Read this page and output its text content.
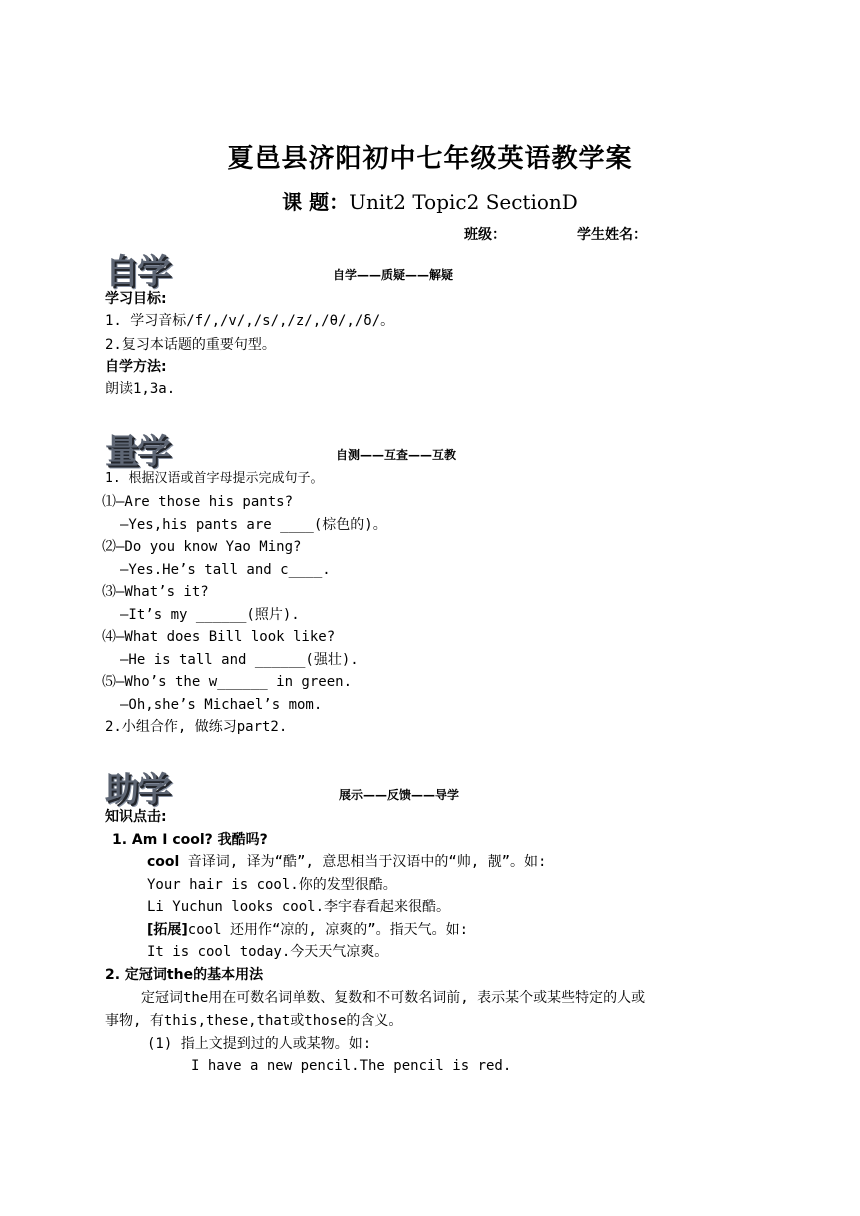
夏邑县济阳初中七年级英语教学案
课 题：Unit2 Topic2 SectionD
班级：	学生姓名：
自学	自学——质疑——解疑
学习目标:
1. 学习音标/f/,/v/,/s/,/z/,/θ/,/δ/。
2.复习本话题的重要句型。
自学方法:
朗读1,3a.
量学	自测——互查——互教
1. 根据汉语或首字母提示完成句子。
⑴—Are those his pants?
—Yes,his pants are ____(棕色的)。
⑵—Do you know Yao Ming?
—Yes.He’s tall and c____.
⑶—What’s it?
—It’s my ______(照片).
⑷—What does Bill look like?
—He is tall and ______(强壮).
⑸—Who’s the w______ in green.
—Oh,she’s Michael’s mom.
2.小组合作, 做练习part2.
助学	展示——反馈——导学
知识点击:
1. Am I cool? 我酷吗?
cool 音译词, 译为“酷”, 意思相当于汉语中的“帅, 靓”。如:
Your hair is cool.你的发型很酷。
Li Yuchun looks cool.李宇春看起来很酷。
[拓展]cool 还用作“凉的, 凉爽的”。指天气。如:
It is cool today.今天天气凉爽。
2. 定冠词the的基本用法
定冠词the用在可数名词单数、复数和不可数名词前, 表示某个或某些特定的人或
事物, 有this,these,that或those的含义。
(1) 指上文提到过的人或某物。如:
I have a new pencil.The pencil is red.
